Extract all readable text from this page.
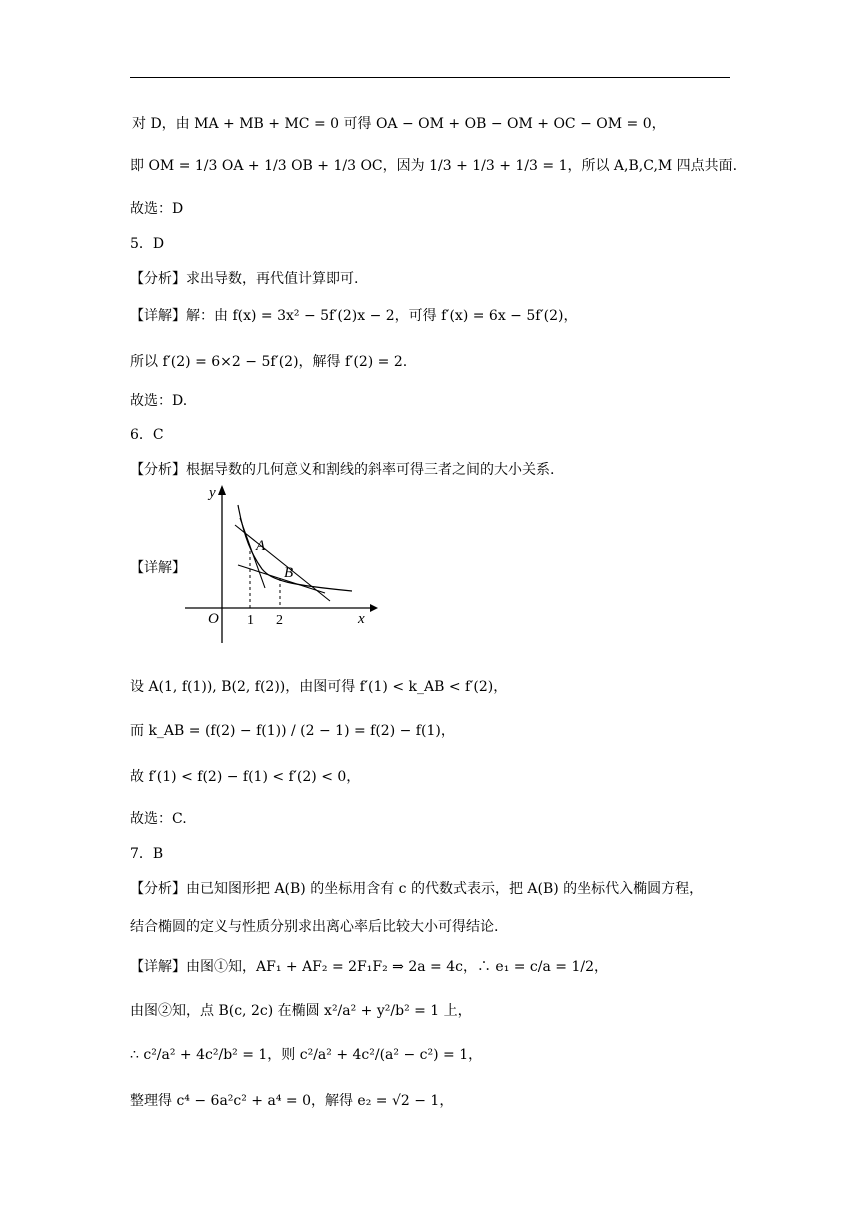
对 D，由 MA + MB + MC = 0 可得 OA − OM + OB − OM + OC − OM = 0，
即 OM = 1/3 OA + 1/3 OB + 1/3 OC，因为 1/3 + 1/3 + 1/3 = 1，所以 A,B,C,M 四点共面.
故选：D
5．D
【分析】求出导数，再代值计算即可.
【详解】解：由 f(x) = 3x² − 5f′(2)x − 2，可得 f′(x) = 6x − 5f′(2)，
所以 f′(2) = 6×2 − 5f′(2)，解得 f′(2) = 2.
故选：D.
6．C
【分析】根据导数的几何意义和割线的斜率可得三者之间的大小关系.
设 A(1, f(1)), B(2, f(2))，由图可得 f′(1) < k_AB < f′(2)，
而 k_AB = (f(2) − f(1)) / (2 − 1) = f(2) − f(1)，
故 f′(1) < f(2) − f(1) < f′(2) < 0，
故选：C.
7．B
【分析】由已知图形把 A(B) 的坐标用含有 c 的代数式表示，把 A(B) 的坐标代入椭圆方程，
结合椭圆的定义与性质分别求出离心率后比较大小可得结论.
【详解】由图①知，AF₁ + AF₂ = 2F₁F₂ ⇒ 2a = 4c，∴ e₁ = c/a = 1/2，
由图②知，点 B(c, 2c) 在椭圆 x²/a² + y²/b² = 1 上，
∴ c²/a² + 4c²/b² = 1，则 c²/a² + 4c²/(a² − c²) = 1，
整理得 c⁴ − 6a²c² + a⁴ = 0，解得 e₂ = √2 − 1，
【详解】
y
x
O
A
B
1 2
